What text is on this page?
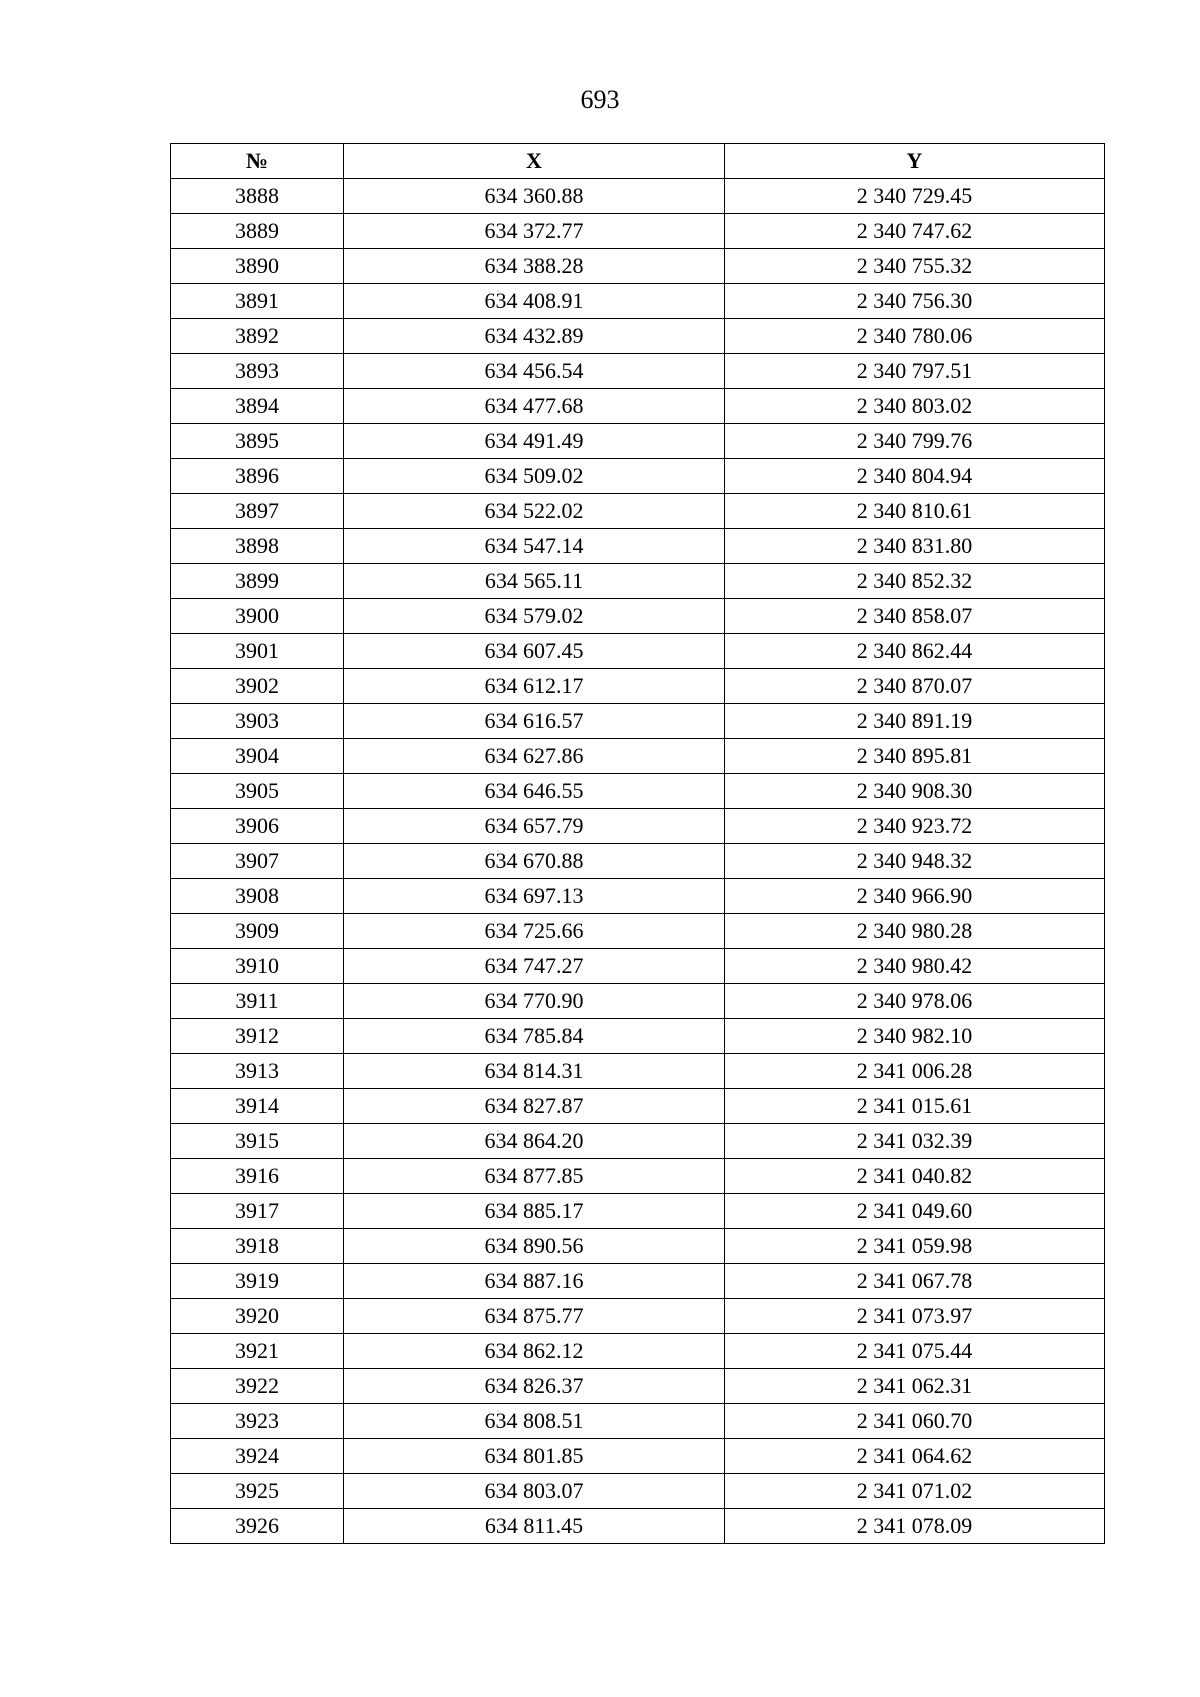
693
№	X	Y
3888	634 360.88	2 340 729.45
3889	634 372.77	2 340 747.62
3890	634 388.28	2 340 755.32
3891	634 408.91	2 340 756.30
3892	634 432.89	2 340 780.06
3893	634 456.54	2 340 797.51
3894	634 477.68	2 340 803.02
3895	634 491.49	2 340 799.76
3896	634 509.02	2 340 804.94
3897	634 522.02	2 340 810.61
3898	634 547.14	2 340 831.80
3899	634 565.11	2 340 852.32
3900	634 579.02	2 340 858.07
3901	634 607.45	2 340 862.44
3902	634 612.17	2 340 870.07
3903	634 616.57	2 340 891.19
3904	634 627.86	2 340 895.81
3905	634 646.55	2 340 908.30
3906	634 657.79	2 340 923.72
3907	634 670.88	2 340 948.32
3908	634 697.13	2 340 966.90
3909	634 725.66	2 340 980.28
3910	634 747.27	2 340 980.42
3911	634 770.90	2 340 978.06
3912	634 785.84	2 340 982.10
3913	634 814.31	2 341 006.28
3914	634 827.87	2 341 015.61
3915	634 864.20	2 341 032.39
3916	634 877.85	2 341 040.82
3917	634 885.17	2 341 049.60
3918	634 890.56	2 341 059.98
3919	634 887.16	2 341 067.78
3920	634 875.77	2 341 073.97
3921	634 862.12	2 341 075.44
3922	634 826.37	2 341 062.31
3923	634 808.51	2 341 060.70
3924	634 801.85	2 341 064.62
3925	634 803.07	2 341 071.02
3926	634 811.45	2 341 078.09
